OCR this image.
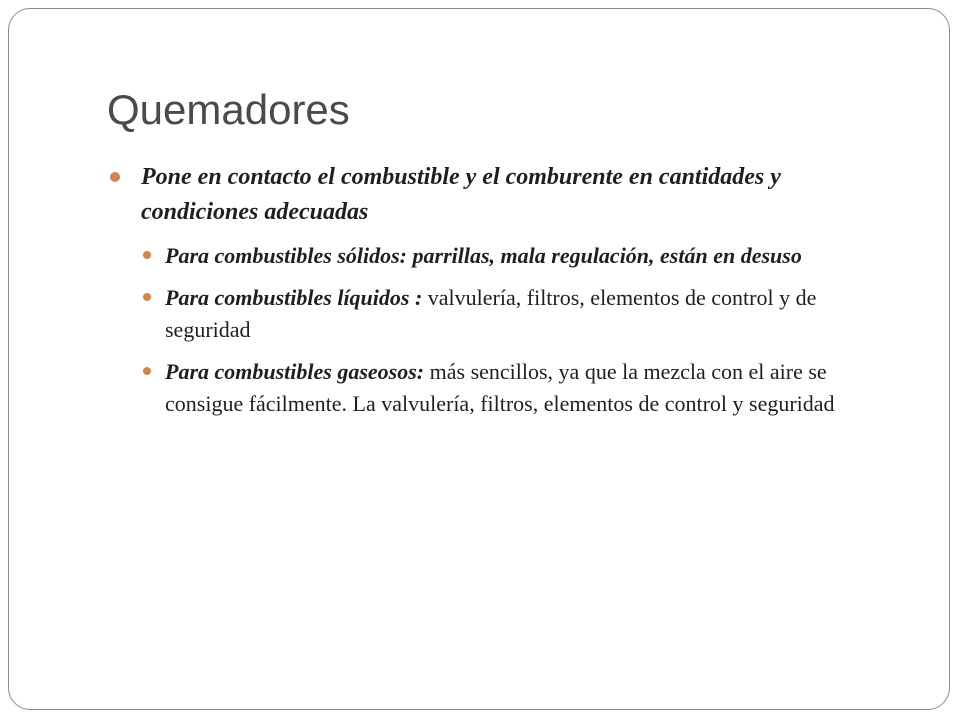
Quemadores
Pone en contacto el combustible y el comburente en cantidades y condiciones adecuadas
Para combustibles sólidos: parrillas, mala regulación, están en desuso
Para combustibles líquidos : valvulería, filtros, elementos de control y de seguridad
Para combustibles gaseosos: más sencillos, ya que la mezcla con el aire se consigue fácilmente. La valvulería, filtros, elementos de control y seguridad
